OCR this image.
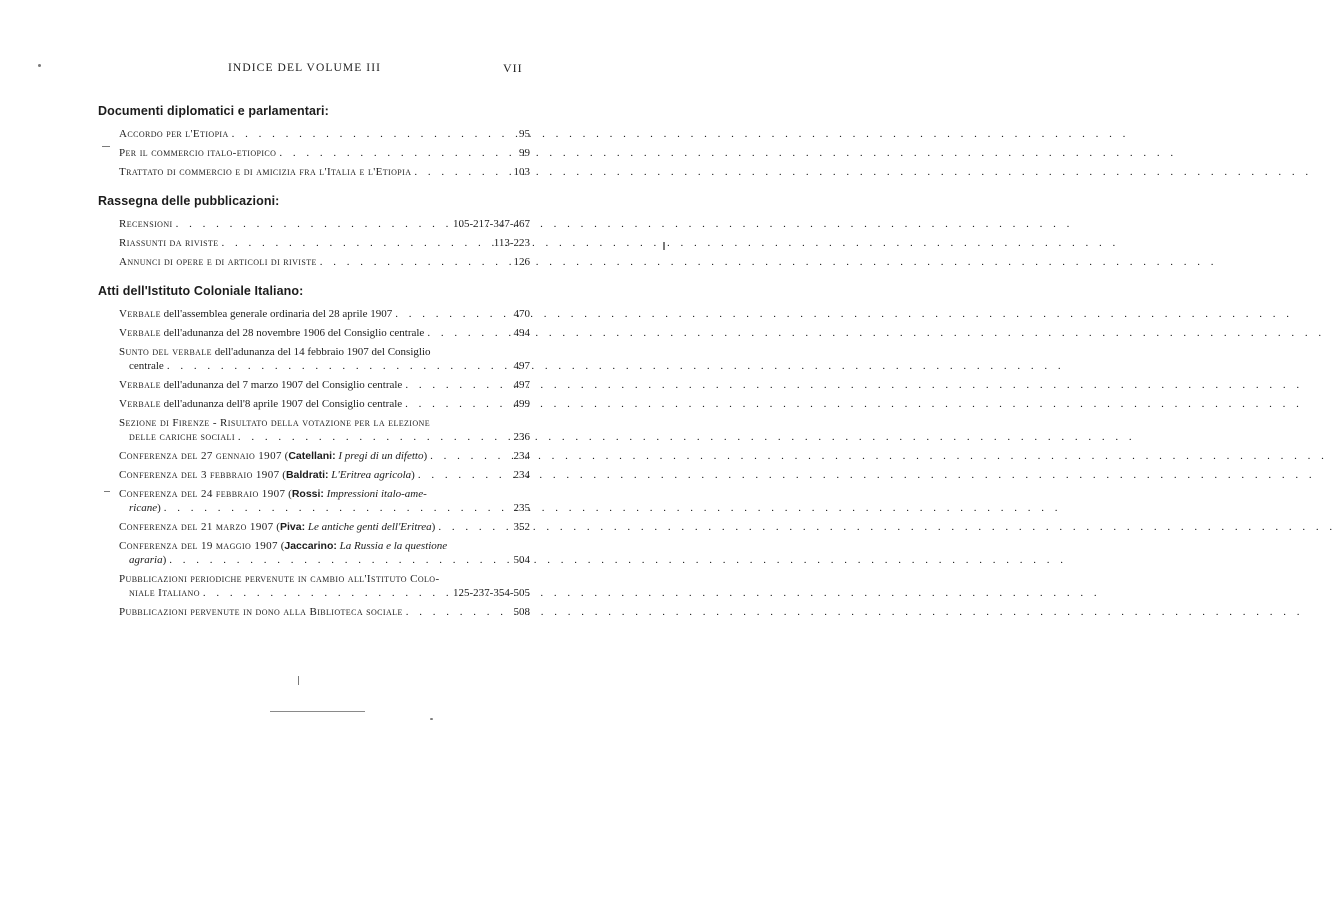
INDICE DEL VOLUME III	VII
Documenti diplomatici e parlamentari:
Accordo per l'Etiopia . . .	95
Per il commercio italo-etiopico . . .	99
Trattato di commercio e di amicizia fra l'Italia e l'Etiopia . . .	103
Rassegna delle pubblicazioni:
Recensioni . . .	105-217-347-467
Riassunti da riviste . . .	113-223
Annunci di opere e di articoli di riviste . . .	126
Atti dell'Istituto Coloniale Italiano:
Verbale dell'assemblea generale ordinaria del 28 aprile 1907 . . .	470
Verbale dell'adunanza del 28 novembre 1906 del Consiglio centrale . . .	494
Sunto del verbale dell'adunanza del 14 febbraio 1907 del Consiglio
centrale . . .	497
Verbale dell'adunanza del 7 marzo 1907 del Consiglio centrale . . .	497
Verbale dell'adunanza dell'8 aprile 1907 del Consiglio centrale . . .	499
Sezione di Firenze - Risultato della votazione per la elezione
delle cariche sociali . . .	236
Conferenza del 27 gennaio 1907 (Catellani: I pregi di un difetto) . . .	234
Conferenza del 3 febbraio 1907 (Baldrati: L'Eritrea agricola) . . .	234
Conferenza del 24 febbraio 1907 (Rossi: Impressioni italo-ame-
ricane) . . .	235
Conferenza del 21 marzo 1907 (Piva: Le antiche genti dell'Eritrea) . . .	352
Conferenza del 19 maggio 1907 (Jaccarino: La Russia e la questione
agraria) . . .	504
Pubblicazioni periodiche pervenute in cambio all'Istituto Colo-
niale Italiano . . .	125-237-354-505
Pubblicazioni pervenute in dono alla Biblioteca sociale . . .	508
